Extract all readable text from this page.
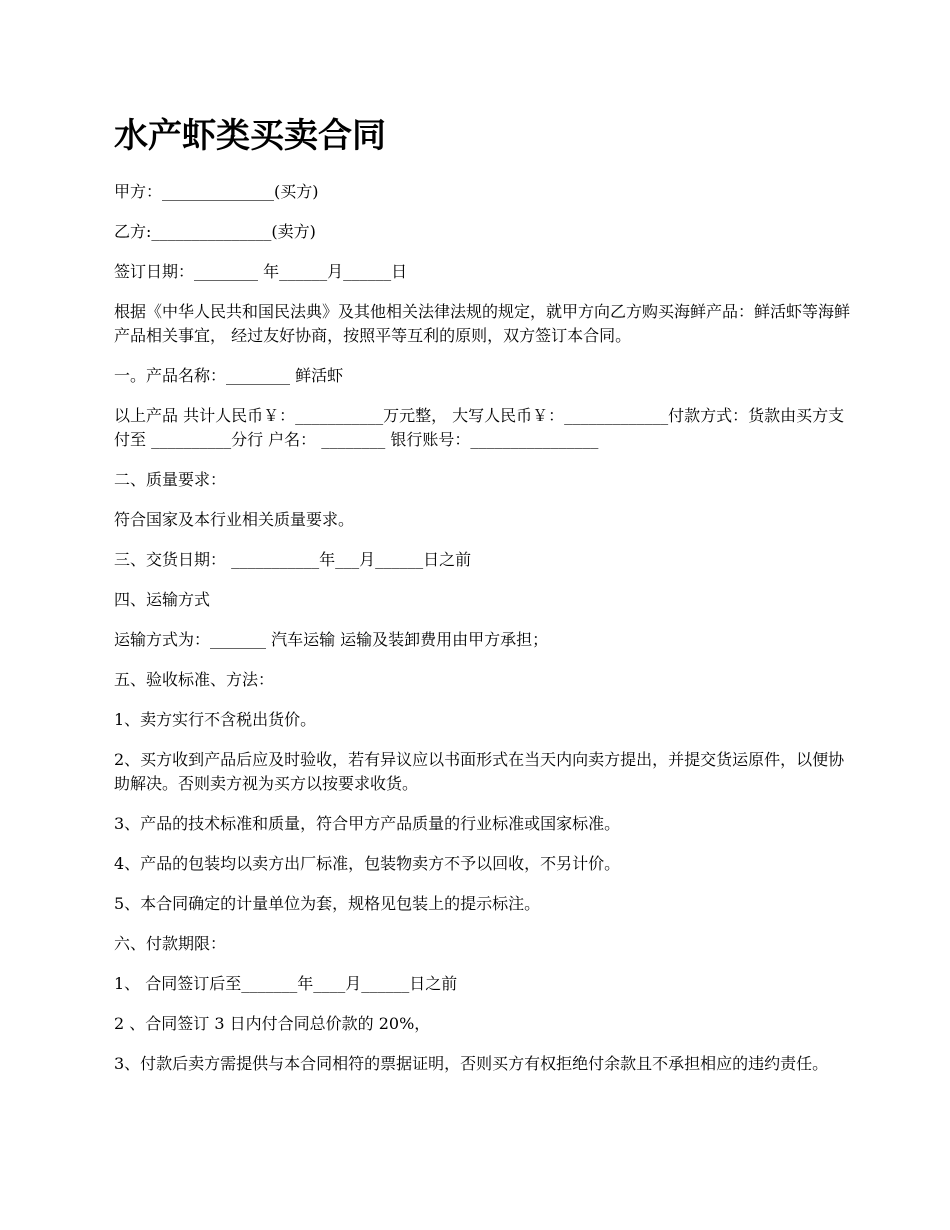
水产虾类买卖合同

甲方：______________(买方)

乙方:_______________(卖方)

签订日期：________ 年______月______日

根据《中华人民共和国民法典》及其他相关法律法规的规定，就甲方向乙方购买海鲜产品：鲜活虾等海鲜产品相关事宜， 经过友好协商，按照平等互利的原则，双方签订本合同。

一。产品名称：________ 鲜活虾

以上产品 共计人民币￥：___________万元整， 大写人民币￥：_____________付款方式：货款由买方支付至 __________分行 户名： ________ 银行账号：________________

二、质量要求：

符合国家及本行业相关质量要求。

三、交货日期： ___________年___月______日之前

四、运输方式

运输方式为：_______ 汽车运输 运输及装卸费用由甲方承担；

五、验收标准、方法：

1、卖方实行不含税出货价。

2、买方收到产品后应及时验收，若有异议应以书面形式在当天内向卖方提出，并提交货运原件，以便协助解决。否则卖方视为买方以按要求收货。

3、产品的技术标准和质量，符合甲方产品质量的行业标准或国家标准。

4、产品的包装均以卖方出厂标准，包装物卖方不予以回收，不另计价。

5、本合同确定的计量单位为套，规格见包装上的提示标注。

六、付款期限：

1、 合同签订后至_______年____月______日之前

2 、合同签订 3 日内付合同总价款的 20%，

3、付款后卖方需提供与本合同相符的票据证明，否则买方有权拒绝付余款且不承担相应的违约责任。
